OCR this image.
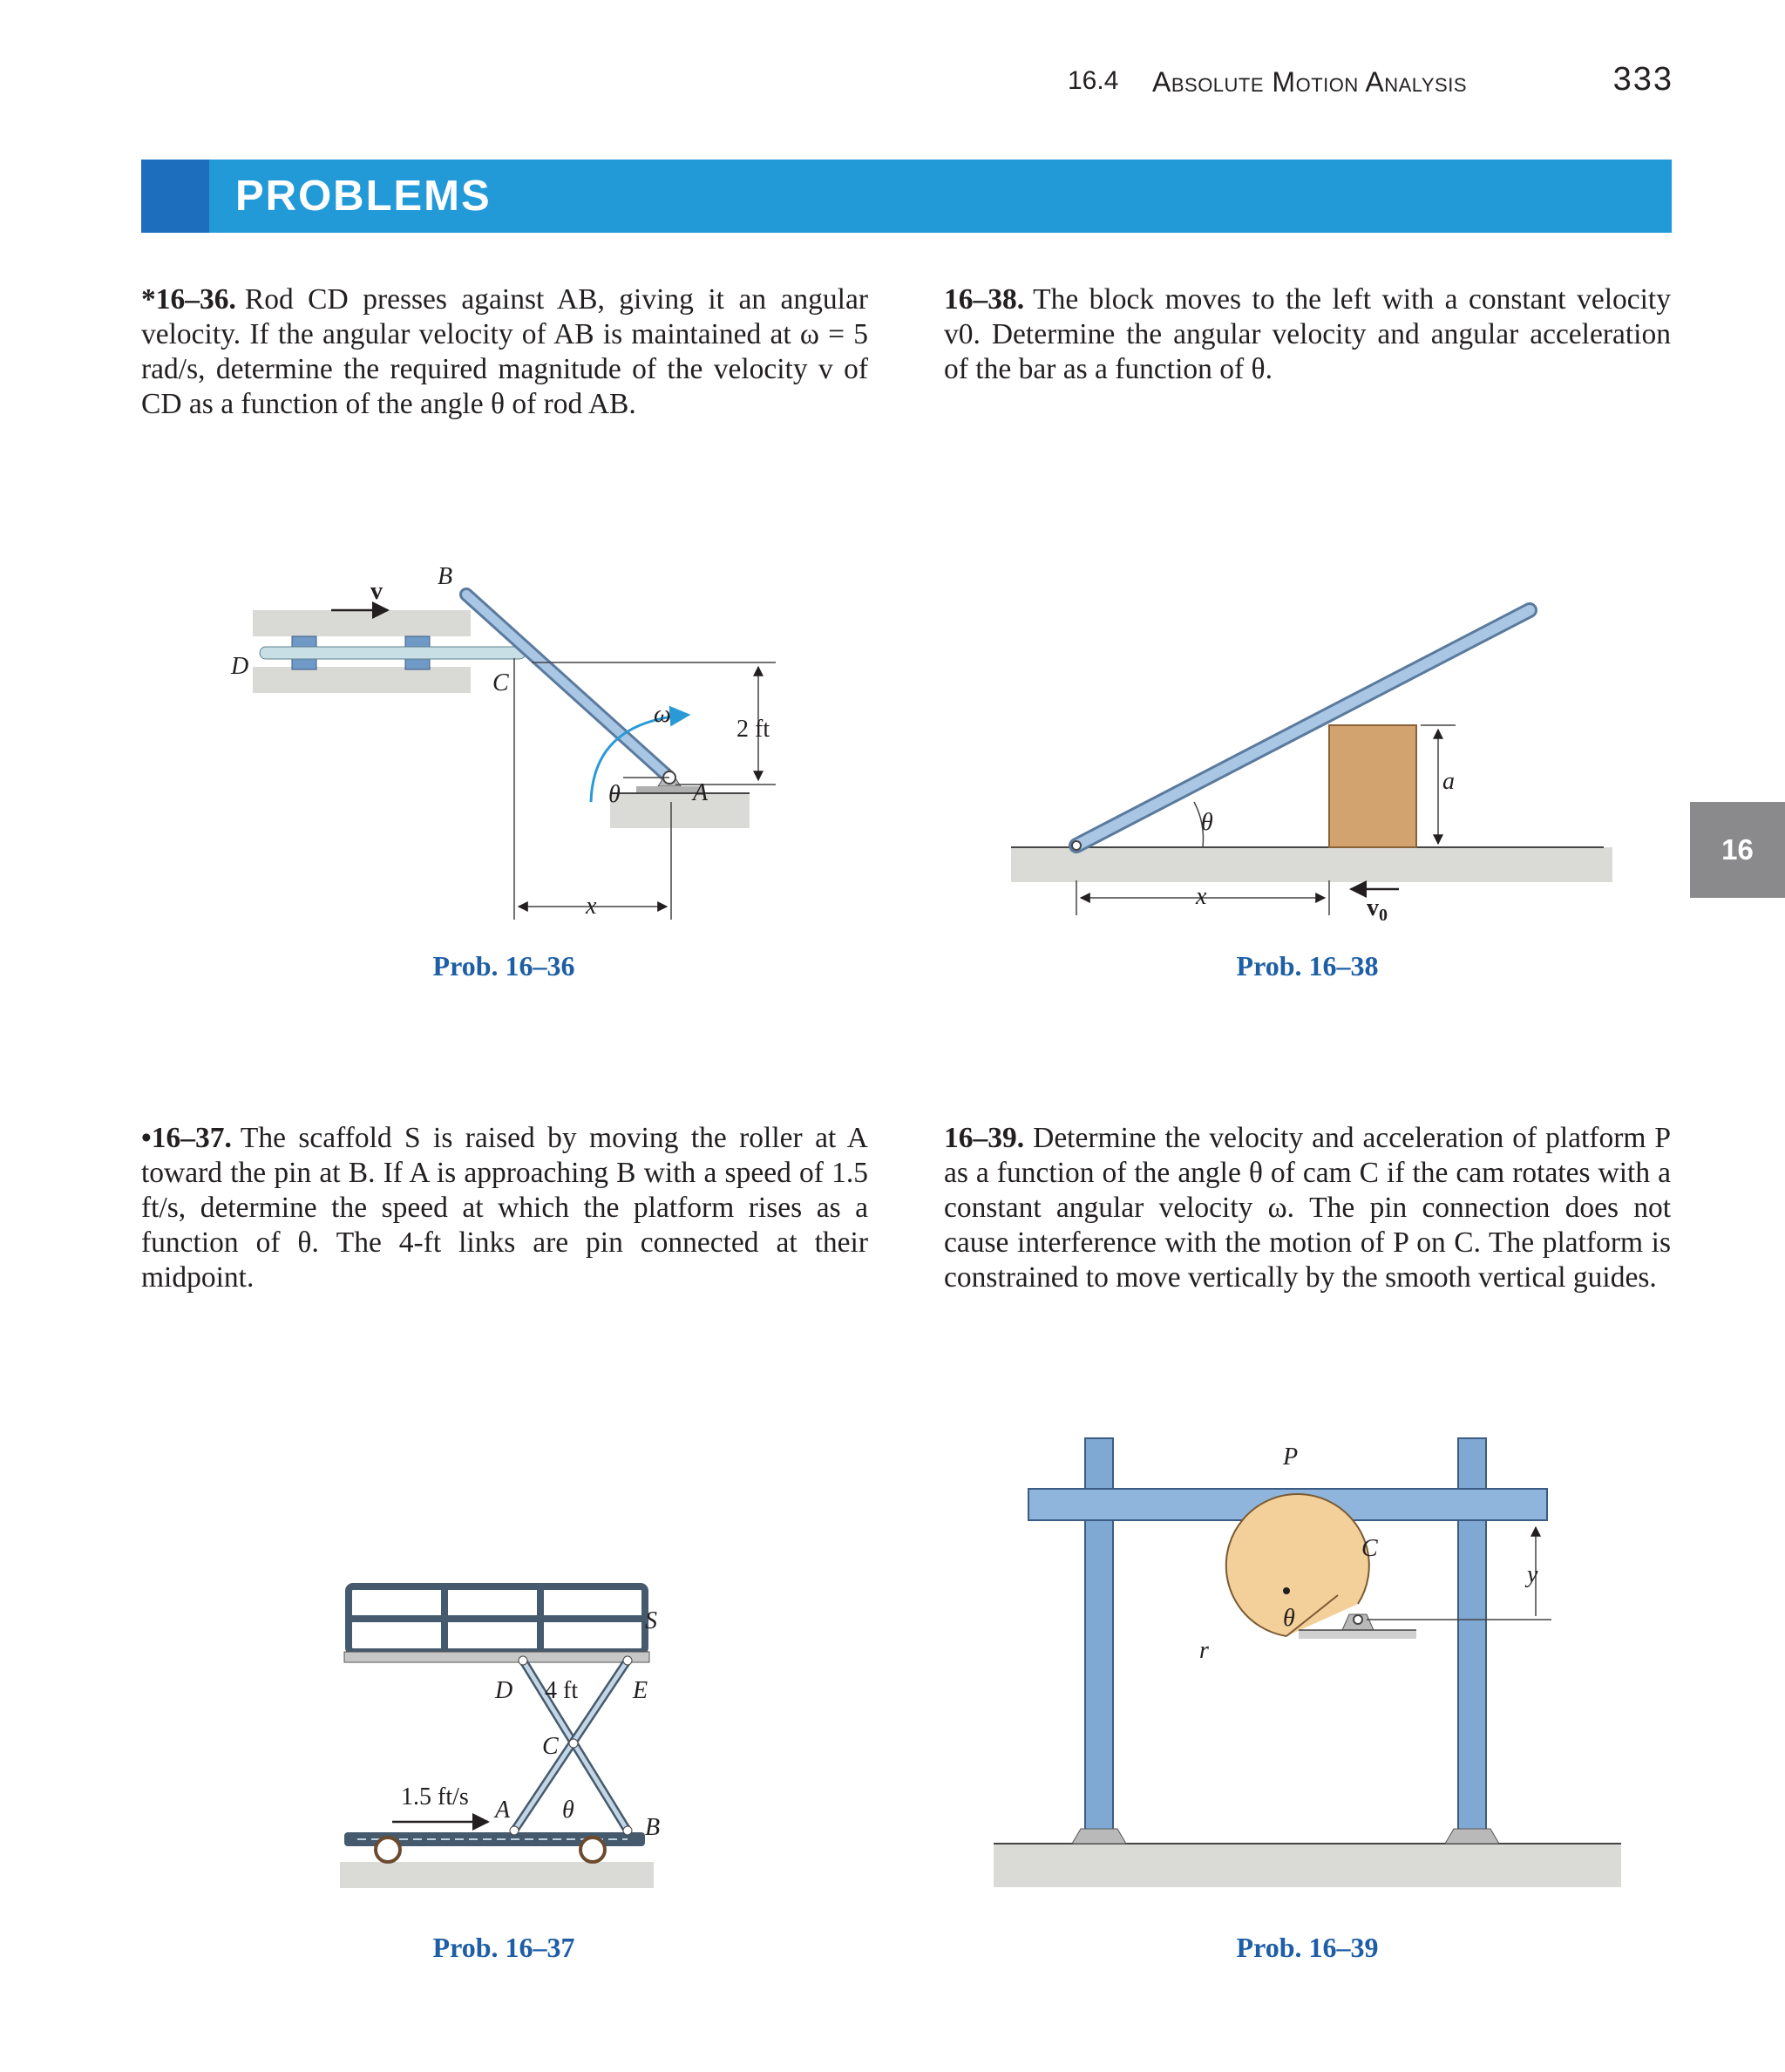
16.4 Absolute Motion Analysis	333
PROBLEMS
16
*16–36. Rod CD presses against AB, giving it an angular velocity. If the angular velocity of AB is maintained at ω = 5 rad/s, determine the required magnitude of the velocity v of CD as a function of the angle θ of rod AB.
16–38. The block moves to the left with a constant velocity v0. Determine the angular velocity and angular acceleration of the bar as a function of θ.
•16–37. The scaffold S is raised by moving the roller at A toward the pin at B. If A is approaching B with a speed of 1.5 ft/s, determine the speed at which the platform rises as a function of θ. The 4-ft links are pin connected at their midpoint.
16–39. Determine the velocity and acceleration of platform P as a function of the angle θ of cam C if the cam rotates with a constant angular velocity ω. The pin connection does not cause interference with the motion of P on C. The platform is constrained to move vertically by the smooth vertical guides.
v
B
D
C
ω
2 ft
θ	A
x
Prob. 16–36
θ
a
x	$v_0$
Prob. 16–38
S
D 4 ft E
C
1.5 ft/s A θ
B
Prob. 16–37
P
C
y
θ
r
Prob. 16–39
